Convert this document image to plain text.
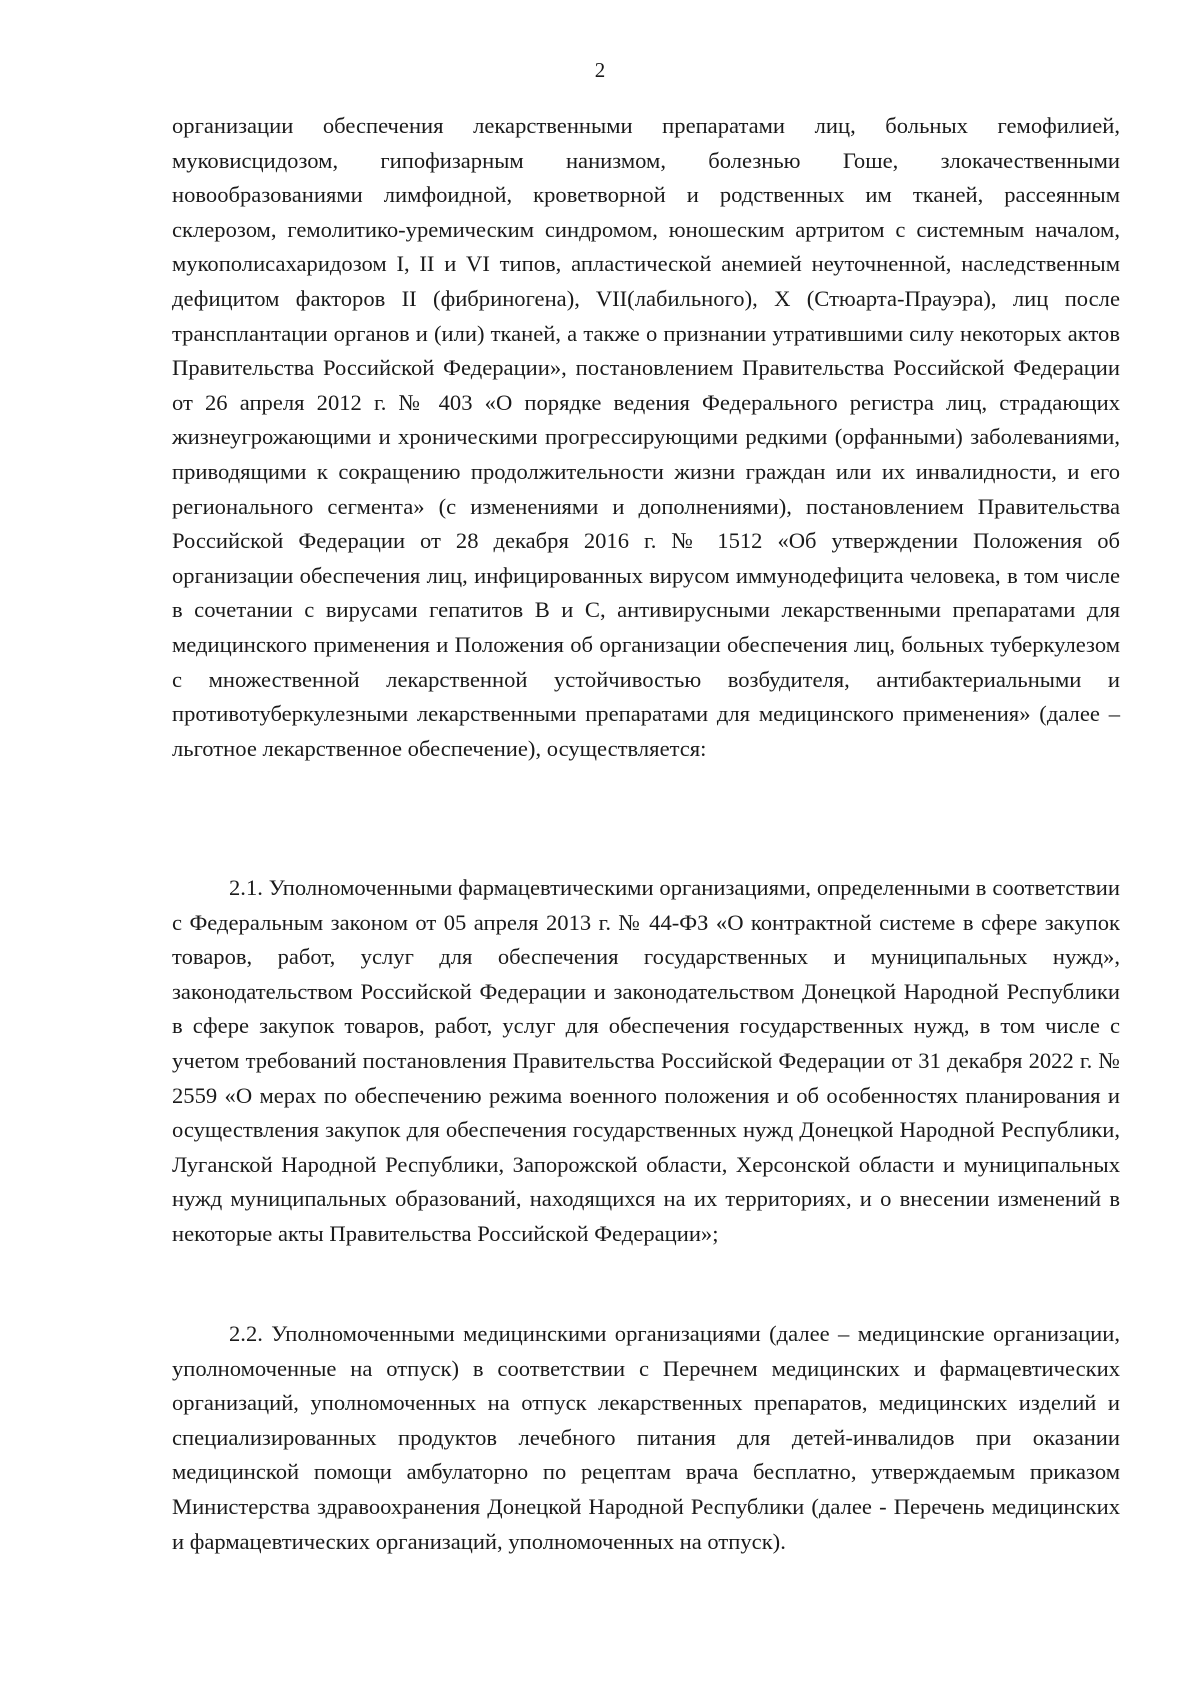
2

организации обеспечения лекарственными препаратами лиц, больных гемофилией, муковисцидозом, гипофизарным нанизмом, болезнью Гоше, злокачественными новообразованиями лимфоидной, кроветворной и родственных им тканей, рассеянным склерозом, гемолитико-уремическим синдромом, юношеским артритом с системным началом, мукополисахаридозом I, II и VI типов, апластической анемией неуточненной, наследственным дефицитом факторов II (фибриногена), VII(лабильного), X (Стюарта-Прауэра), лиц после трансплантации органов и (или) тканей, а также о признании утратившими силу некоторых актов Правительства Российской Федерации», постановлением Правительства Российской Федерации от 26 апреля 2012 г. № 403 «О порядке ведения Федерального регистра лиц, страдающих жизнеугрожающими и хроническими прогрессирующими редкими (орфанными) заболеваниями, приводящими к сокращению продолжительности жизни граждан или их инвалидности, и его регионального сегмента» (с изменениями и дополнениями), постановлением Правительства Российской Федерации от 28 декабря 2016 г. № 1512 «Об утверждении Положения об организации обеспечения лиц, инфицированных вирусом иммунодефицита человека, в том числе в сочетании с вирусами гепатитов B и C, антивирусными лекарственными препаратами для медицинского применения и Положения об организации обеспечения лиц, больных туберкулезом с множественной лекарственной устойчивостью возбудителя, антибактериальными и противотуберкулезными лекарственными препаратами для медицинского применения» (далее – льготное лекарственное обеспечение), осуществляется:

2.1. Уполномоченными фармацевтическими организациями, определенными в соответствии с Федеральным законом от 05 апреля 2013 г. № 44-ФЗ «О контрактной системе в сфере закупок товаров, работ, услуг для обеспечения государственных и муниципальных нужд», законодательством Российской Федерации и законодательством Донецкой Народной Республики в сфере закупок товаров, работ, услуг для обеспечения государственных нужд, в том числе с учетом требований постановления Правительства Российской Федерации от 31 декабря 2022 г. № 2559 «О мерах по обеспечению режима военного положения и об особенностях планирования и осуществления закупок для обеспечения государственных нужд Донецкой Народной Республики, Луганской Народной Республики, Запорожской области, Херсонской области и муниципальных нужд муниципальных образований, находящихся на их территориях, и о внесении изменений в некоторые акты Правительства Российской Федерации»;

2.2. Уполномоченными медицинскими организациями (далее – медицинские организации, уполномоченные на отпуск) в соответствии с Перечнем медицинских и фармацевтических организаций, уполномоченных на отпуск лекарственных препаратов, медицинских изделий и специализированных продуктов лечебного питания для детей-инвалидов при оказании медицинской помощи амбулаторно по рецептам врача бесплатно, утверждаемым приказом Министерства здравоохранения Донецкой Народной Республики (далее - Перечень медицинских и фармацевтических организаций, уполномоченных на отпуск).
